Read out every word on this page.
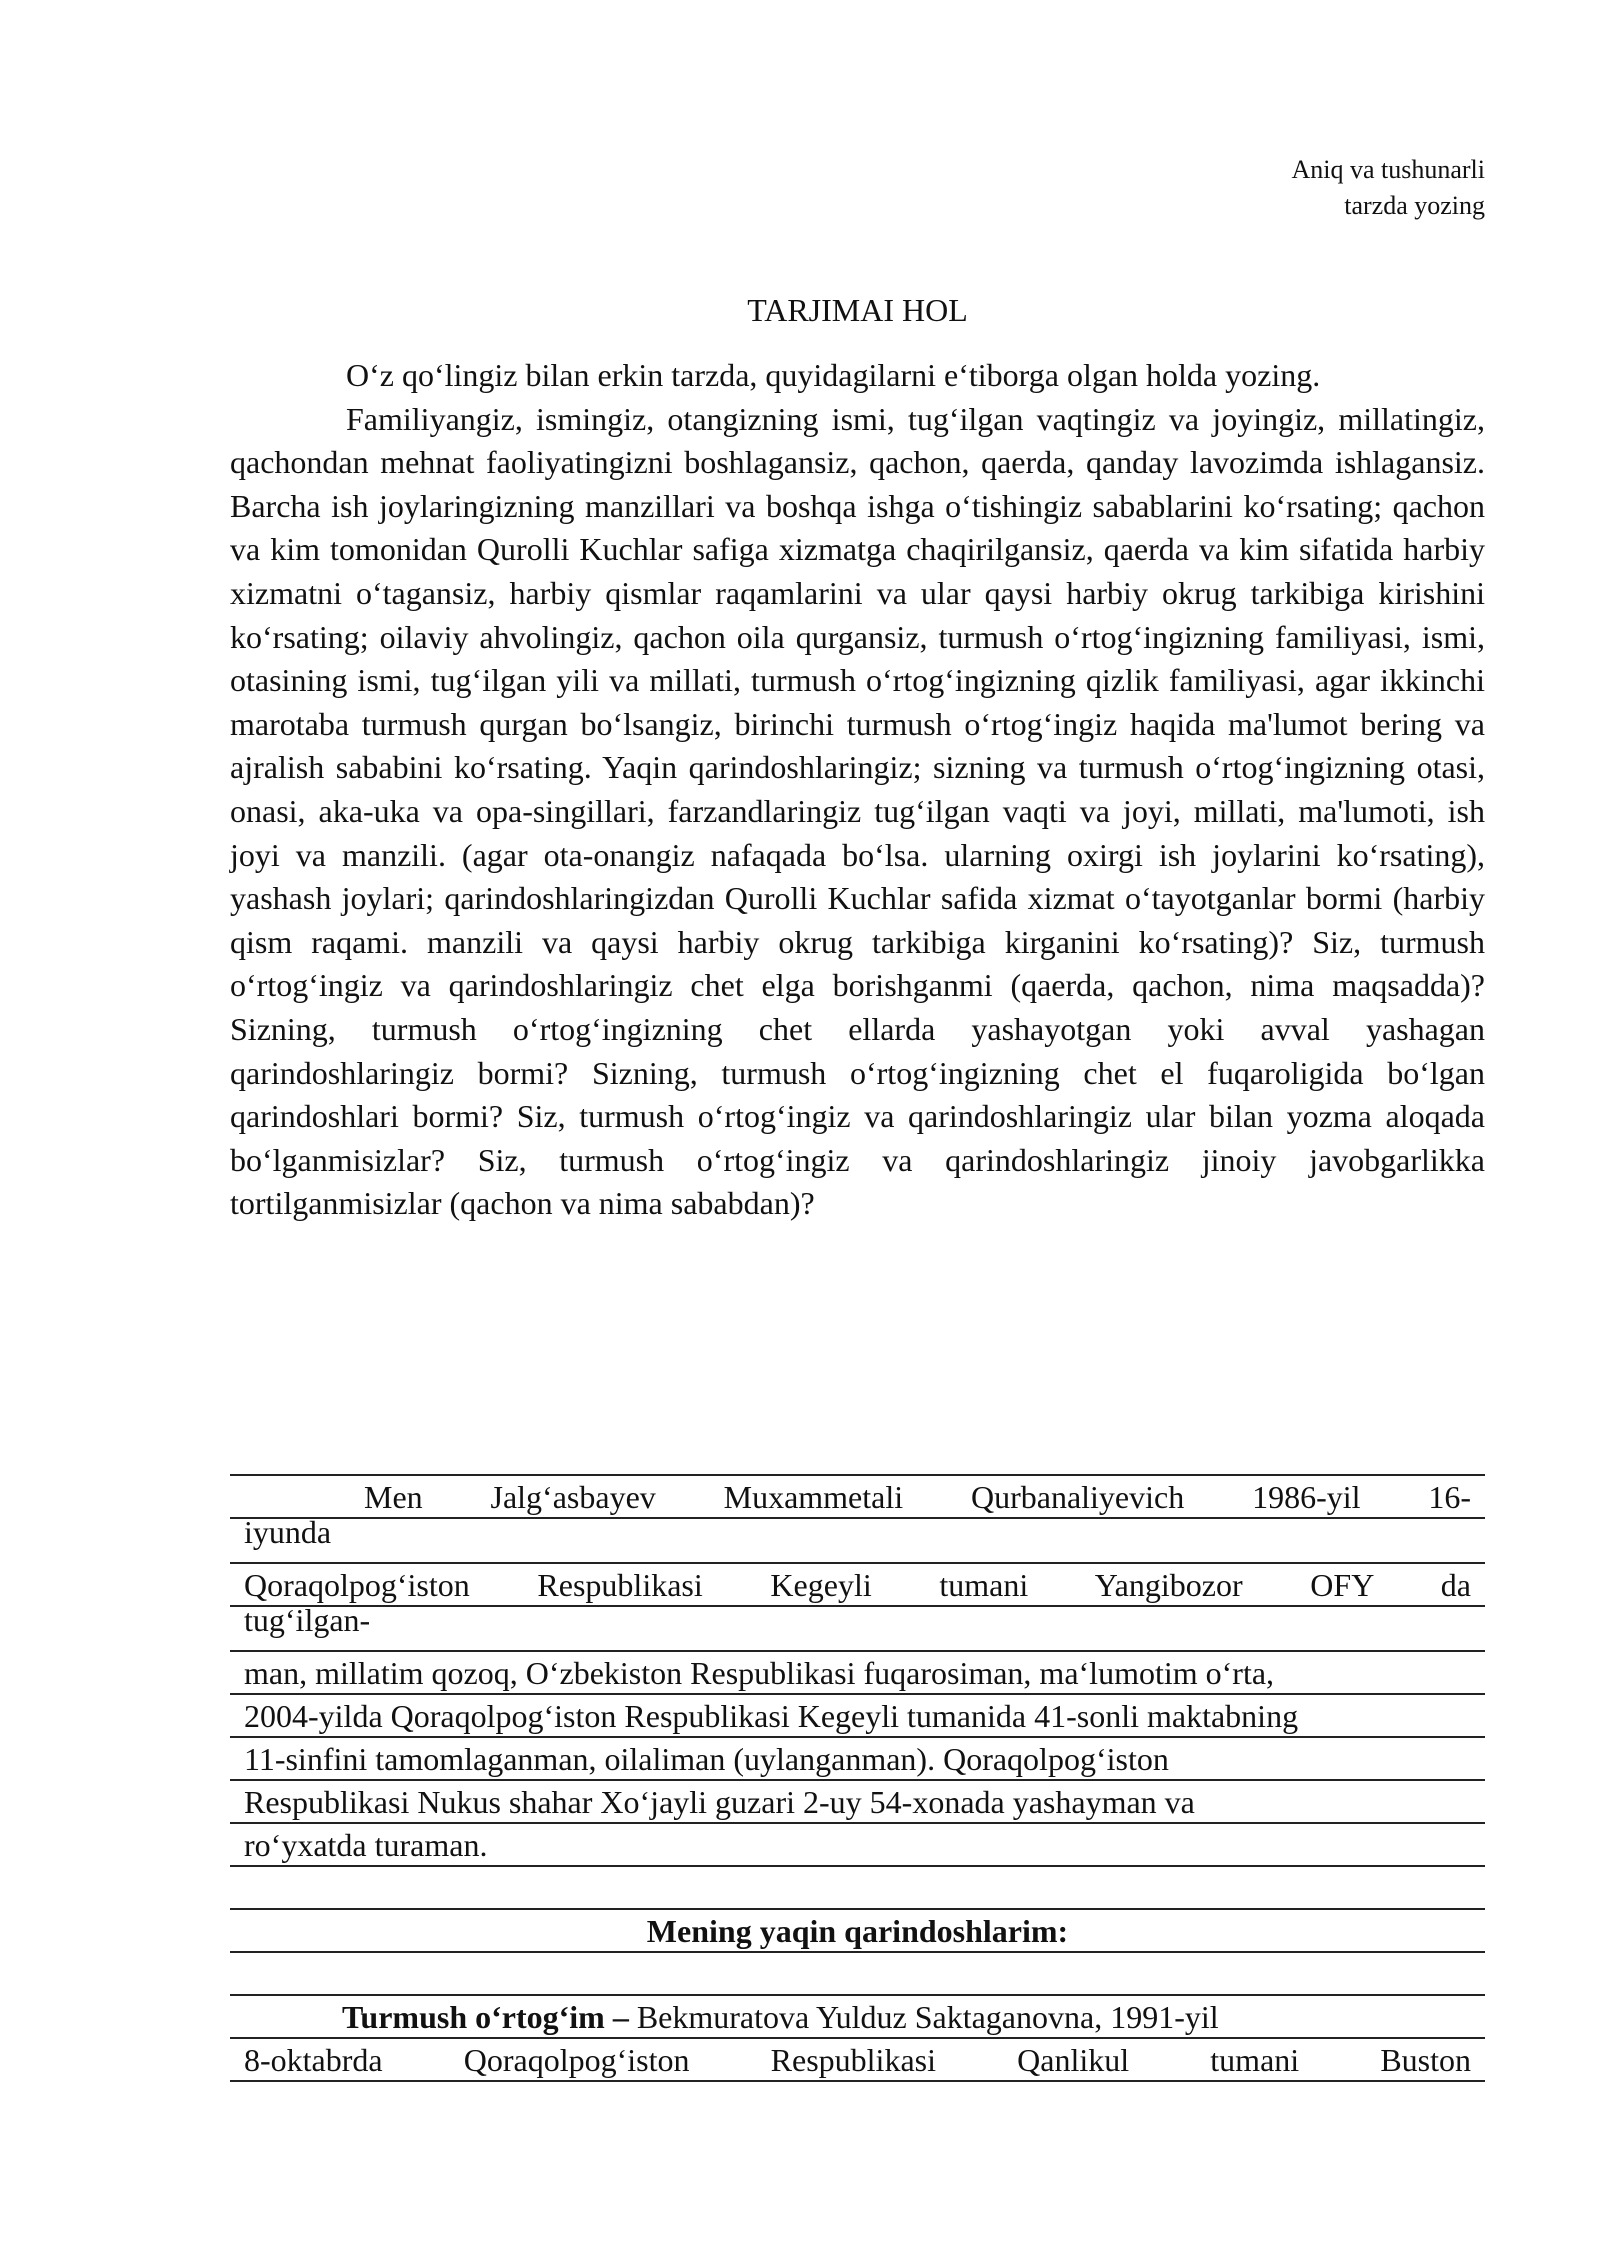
Aniq va tushunarli
tarzda yozing
TARJIMAI HOL

O‘z qo‘lingiz bilan erkin tarzda, quyidagilarni e‘tiborga olgan holda yozing.

Familiyangiz, ismingiz, otangizning ismi, tug‘ilgan vaqtingiz va joyingiz, millatingiz, qachondan mehnat faoliyatingizni boshlagansiz, qachon, qaerda, qanday lavozimda ishlagansiz. Barcha ish joylaringizning manzillari va boshqa ishga o‘tishingiz sabablarini ko‘rsating; qachon va kim tomonidan Qurolli Kuchlar safiga xizmatga chaqirilgansiz, qaerda va kim sifatida harbiy xizmatni o‘tagansiz, harbiy qismlar raqamlarini va ular qaysi harbiy okrug tarkibiga kirishini ko‘rsating; oilaviy ahvolingiz, qachon oila qurgansiz, turmush o‘rtog‘ingizning familiyasi, ismi, otasining ismi, tug‘ilgan yili va millati, turmush o‘rtog‘ingizning qizlik familiyasi, agar ikkinchi marotaba turmush qurgan bo‘lsangiz, birinchi turmush o‘rtog‘ingiz haqida ma'lumot bering va ajralish sababini ko‘rsating. Yaqin qarindoshlaringiz; sizning va turmush o‘rtog‘ingizning otasi, onasi, aka-uka va opa-singillari, farzandlaringiz tug‘ilgan vaqti va joyi, millati, ma'lumoti, ish joyi va manzili. (agar ota-onangiz nafaqada bo‘lsa. ularning oxirgi ish joylarini ko‘rsating), yashash joylari; qarindoshlaringizdan Qurolli Kuchlar safida xizmat o‘tayotganlar bormi (harbiy qism raqami. manzili va qaysi harbiy okrug tarkibiga kirganini ko‘rsating)? Siz, turmush o‘rtog‘ingiz va qarindoshlaringiz chet elga borishganmi (qaerda, qachon, nima maqsadda)? Sizning, turmush o‘rtog‘ingizning chet ellarda yashayotgan yoki avval yashagan qarindoshlaringiz bormi? Sizning, turmush o‘rtog‘ingizning chet el fuqaroligida bo‘lgan qarindoshlari bormi? Siz, turmush o‘rtog‘ingiz va qarindoshlaringiz ular bilan yozma aloqada bo‘lganmisizlar? Siz, turmush o‘rtog‘ingiz va qarindoshlaringiz jinoiy javobgarlikka tortilganmisizlar (qachon va nima sababdan)?

Men Jalg‘asbayev Muxammetali Qurbanaliyevich 1986-yil 16-
iyunda
Qoraqolpog‘iston Respublikasi Kegeyli tumani Yangibozor OFY da
tug‘ilgan-
man, millatim qozoq, O‘zbekiston Respublikasi fuqarosiman, ma‘lumotim o‘rta,
2004-yilda Qoraqolpog‘iston Respublikasi Kegeyli tumanida 41-sonli maktabning
11-sinfini tamomlaganman, oilaliman (uylanganman). Qoraqolpog‘iston
Respublikasi Nukus shahar Xo‘jayli guzari 2-uy 54-xonada yashayman va
ro‘yxatda turaman.
Mening yaqin qarindoshlarim:
Turmush o‘rtog‘im – Bekmuratova Yulduz Saktaganovna, 1991-yil
8-oktabrda Qoraqolpog‘iston Respublikasi Qanlikul tumani Buston
